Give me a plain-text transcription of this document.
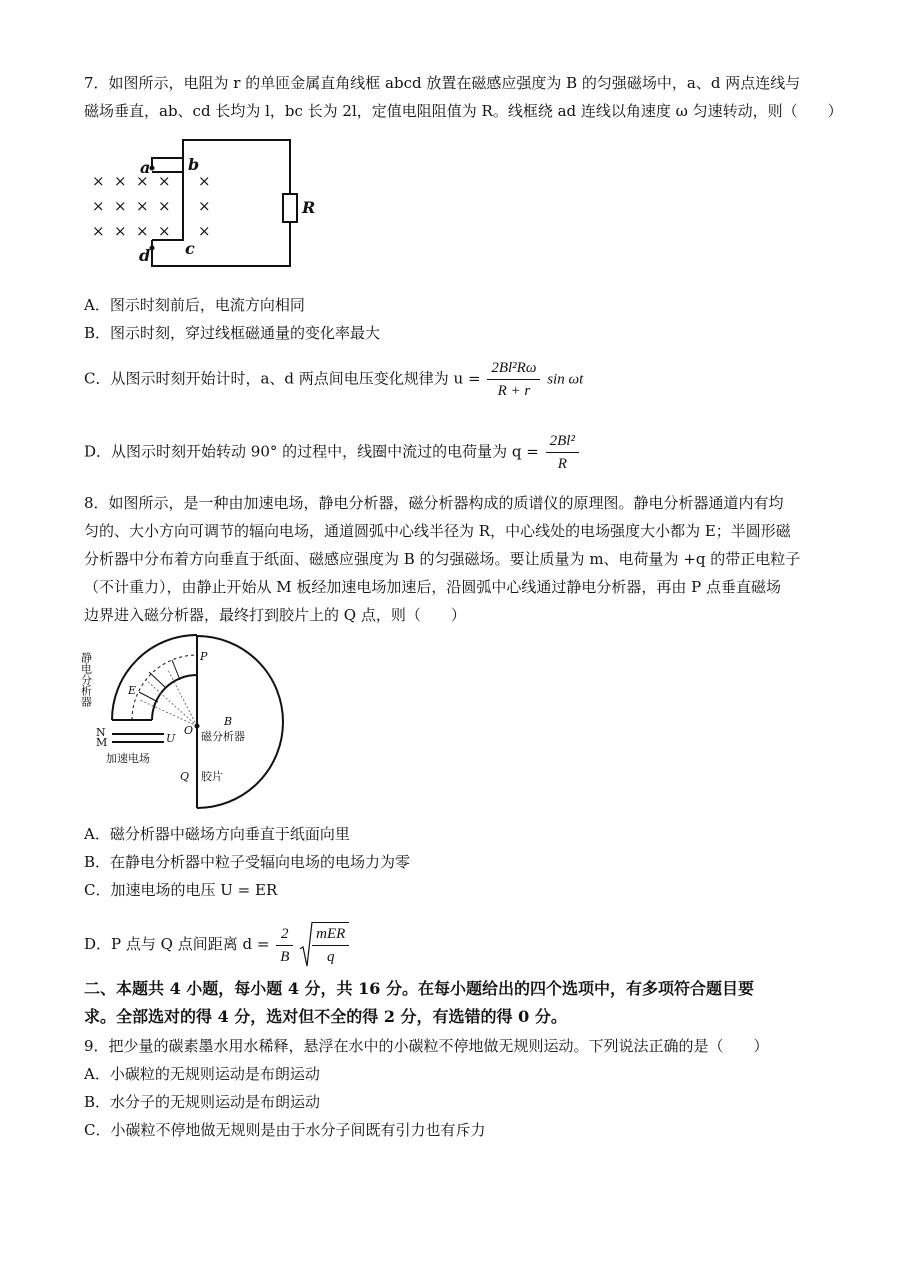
7．如图所示，电阻为 r 的单匝金属直角线框 abcd 放置在磁感应强度为 B 的匀强磁场中，a、d 两点连线与
磁场垂直，ab、cd 长均为 l，bc 长为 2l，定值电阻阻值为 R。线框绕 ad 连线以角速度 ω 匀速转动，则（　　）
× × × × ×
× × × × ×
× × × × ×
a b
c
d
R
A．图示时刻前后，电流方向相同
B．图示时刻，穿过线框磁通量的变化率最大
C．从图示时刻开始计时，a、d 两点间电压变化规律为 $u = \frac{\text{2Bl²Rω}}{R + r}$ sin ωt
D．从图示时刻开始转动 90° 的过程中，线圈中流过的电荷量为 $q = \frac{\text{2Bl²}}{R}$
8．如图所示，是一种由加速电场，静电分析器，磁分析器构成的质谱仪的原理图。静电分析器通道内有均
匀的、大小方向可调节的辐向电场，通道圆弧中心线半径为 R，中心线处的电场强度大小都为 E；半圆形磁
分析器中分布着方向垂直于纸面、磁感应强度为 B 的匀强磁场。要让质量为 m、电荷量为 +q 的带正电粒子
（不计重力），由静止开始从 M 板经加速电场加速后，沿圆弧中心线通过静电分析器，再由 P 点垂直磁场
边界进入磁分析器，最终打到胶片上的 Q 点，则（　　）
静电分析器	P
E
O
B
磁分析器
N
M	U
加速电场
Q 胶片
A．磁分析器中磁场方向垂直于纸面向里
B．在静电分析器中粒子受辐向电场的电场力为零
C．加速电场的电压 U = ER
D．P 点与 Q 点间距离 $d = \frac{2}{B}$
$\frac{\text{mER}}{q}$
二、本题共 4 小题，每小题 4 分，共 16 分。在每小题给出的四个选项中，有多项符合题目要
求。全部选对的得 4 分，选对但不全的得 2 分，有选错的得 0 分。
9．把少量的碳素墨水用水稀释，悬浮在水中的小碳粒不停地做无规则运动。下列说法正确的是（　　）
A．小碳粒的无规则运动是布朗运动
B．水分子的无规则运动是布朗运动
C．小碳粒不停地做无规则是由于水分子间既有引力也有斥力
